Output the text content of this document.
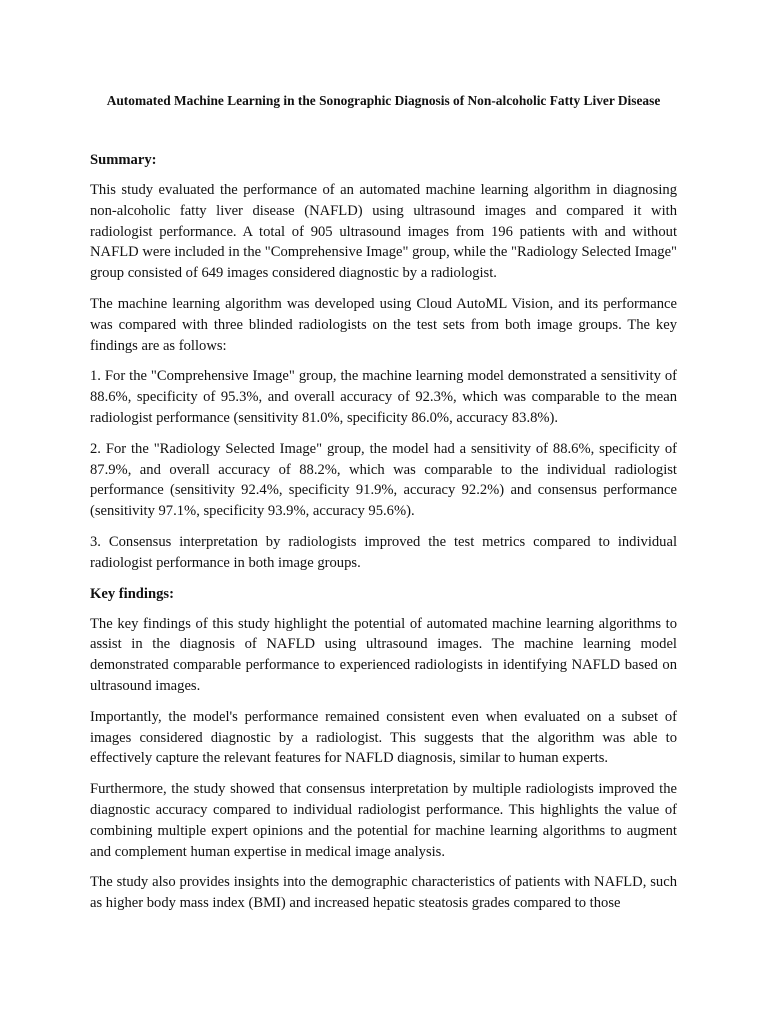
Automated Machine Learning in the Sonographic Diagnosis of Non-alcoholic Fatty Liver Disease
Summary:

This study evaluated the performance of an automated machine learning algorithm in diagnosing non-alcoholic fatty liver disease (NAFLD) using ultrasound images and compared it with radiologist performance. A total of 905 ultrasound images from 196 patients with and without NAFLD were included in the "Comprehensive Image" group, while the "Radiology Selected Image" group consisted of 649 images considered diagnostic by a radiologist.

The machine learning algorithm was developed using Cloud AutoML Vision, and its performance was compared with three blinded radiologists on the test sets from both image groups. The key findings are as follows:

1. For the "Comprehensive Image" group, the machine learning model demonstrated a sensitivity of 88.6%, specificity of 95.3%, and overall accuracy of 92.3%, which was comparable to the mean radiologist performance (sensitivity 81.0%, specificity 86.0%, accuracy 83.8%).

2. For the "Radiology Selected Image" group, the model had a sensitivity of 88.6%, specificity of 87.9%, and overall accuracy of 88.2%, which was comparable to the individual radiologist performance (sensitivity 92.4%, specificity 91.9%, accuracy 92.2%) and consensus performance (sensitivity 97.1%, specificity 93.9%, accuracy 95.6%).

3. Consensus interpretation by radiologists improved the test metrics compared to individual radiologist performance in both image groups.

Key findings:

The key findings of this study highlight the potential of automated machine learning algorithms to assist in the diagnosis of NAFLD using ultrasound images. The machine learning model demonstrated comparable performance to experienced radiologists in identifying NAFLD based on ultrasound images.

Importantly, the model's performance remained consistent even when evaluated on a subset of images considered diagnostic by a radiologist. This suggests that the algorithm was able to effectively capture the relevant features for NAFLD diagnosis, similar to human experts.

Furthermore, the study showed that consensus interpretation by multiple radiologists improved the diagnostic accuracy compared to individual radiologist performance. This highlights the value of combining multiple expert opinions and the potential for machine learning algorithms to augment and complement human expertise in medical image analysis.

The study also provides insights into the demographic characteristics of patients with NAFLD, such as higher body mass index (BMI) and increased hepatic steatosis grades compared to those
